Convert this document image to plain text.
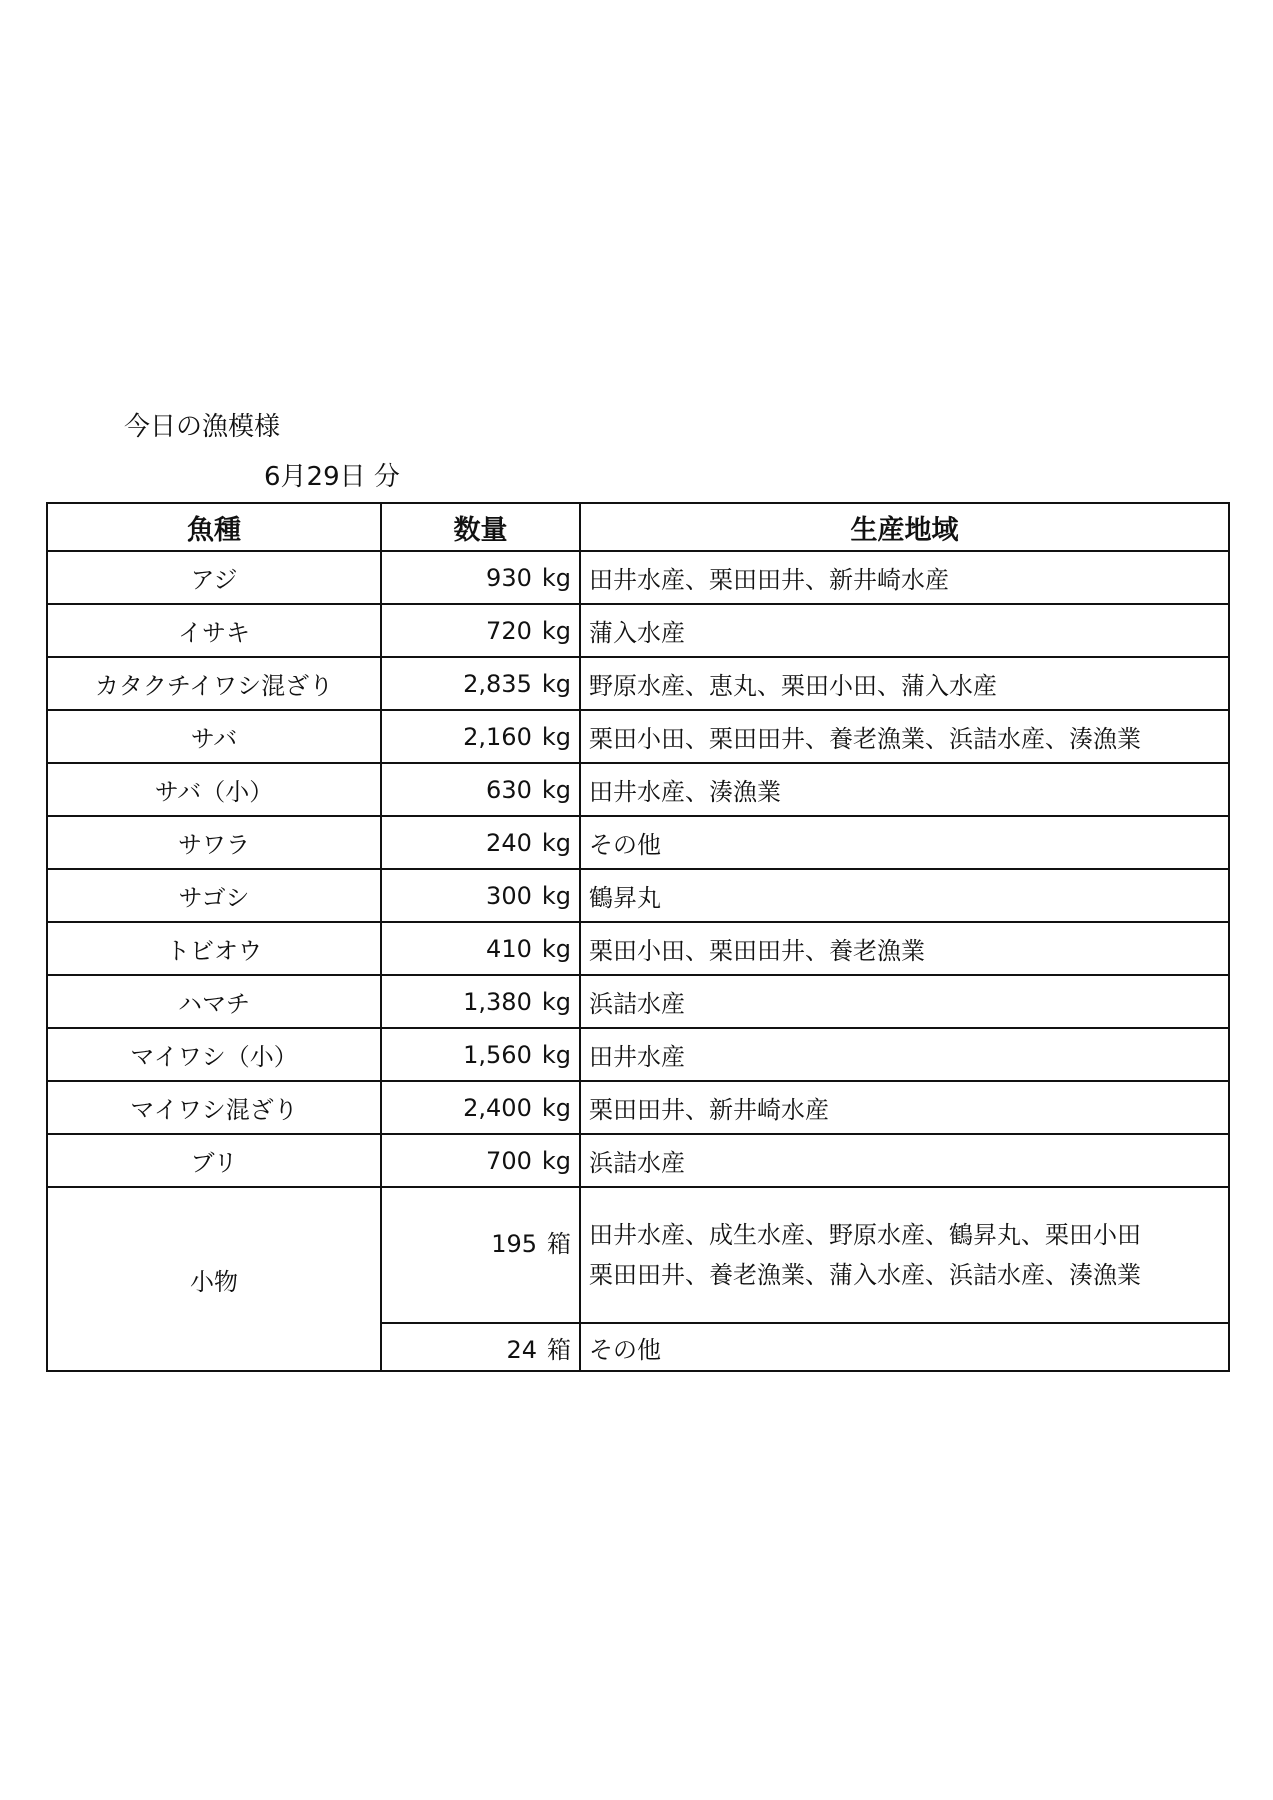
今日の漁模様
6月29日 分
魚種	数量	生産地域
アジ	930 kg	田井水産、栗田田井、新井崎水産
イサキ	720 kg	蒲入水産
カタクチイワシ混ざり	2,835 kg	野原水産、恵丸、栗田小田、蒲入水産
サバ	2,160 kg	栗田小田、栗田田井、養老漁業、浜詰水産、湊漁業
サバ（小）	630 kg	田井水産、湊漁業
サワラ	240 kg	その他
サゴシ	300 kg	鶴昇丸
トビオウ	410 kg	栗田小田、栗田田井、養老漁業
ハマチ	1,380 kg	浜詰水産
マイワシ（小）	1,560 kg	田井水産
マイワシ混ざり	2,400 kg	栗田田井、新井崎水産
ブリ	700 kg	浜詰水産
小物	195 箱	田井水産、成生水産、野原水産、鶴昇丸、栗田小田
栗田田井、養老漁業、蒲入水産、浜詰水産、湊漁業

	24 箱	その他
